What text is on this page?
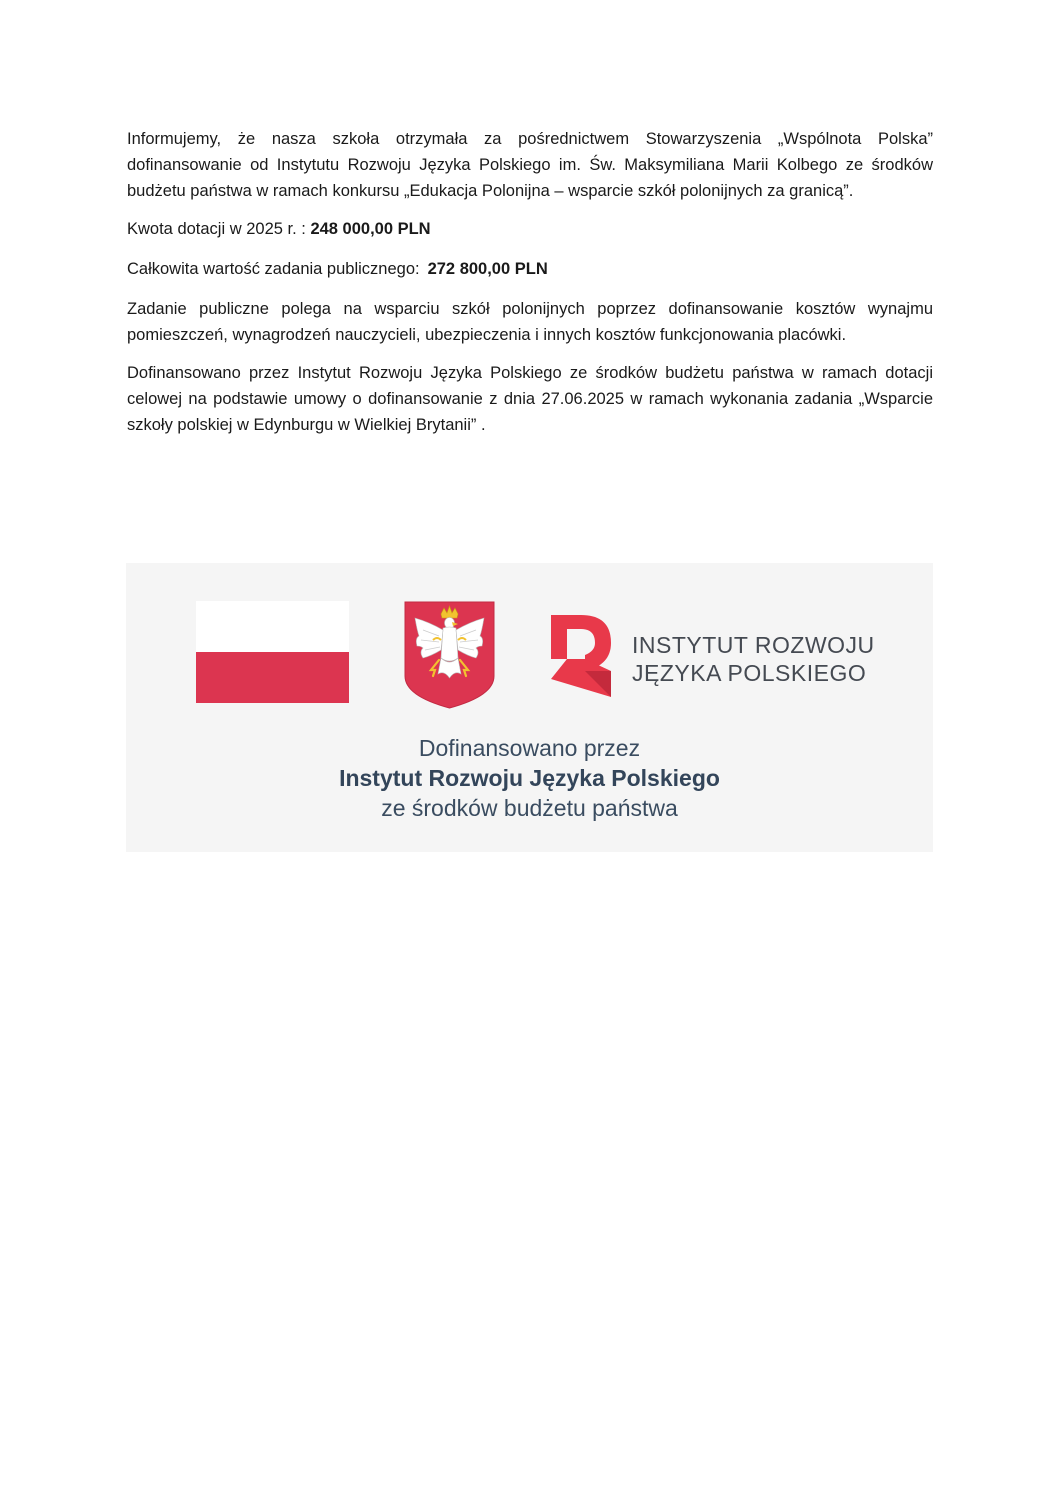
Informujemy, że nasza szkoła otrzymała za pośrednictwem Stowarzyszenia „Wspólnota Polska” dofinansowanie od Instytutu Rozwoju Języka Polskiego im. Św. Maksymiliana Marii Kolbego ze środków budżetu państwa w ramach konkursu „Edukacja Polonijna – wsparcie szkół polonijnych za granicą”.

Kwota dotacji w 2025 r. : 248 000,00 PLN

Całkowita wartość zadania publicznego: 272 800,00 PLN

Zadanie publiczne polega na wsparciu szkół polonijnych poprzez dofinansowanie kosztów wynajmu pomieszczeń, wynagrodzeń nauczycieli, ubezpieczenia i innych kosztów funkcjonowania placówki.

Dofinansowano przez Instytut Rozwoju Języka Polskiego ze środków budżetu państwa w ramach dotacji celowej na podstawie umowy o dofinansowanie z dnia 27.06.2025 w ramach wykonania zadania „Wsparcie szkoły polskiej w Edynburgu w Wielkiej Brytanii” .

INSTYTUT ROZWOJU
JĘZYKA POLSKIEGO
Dofinansowano przez
Instytut Rozwoju Języka Polskiego
ze środków budżetu państwa
